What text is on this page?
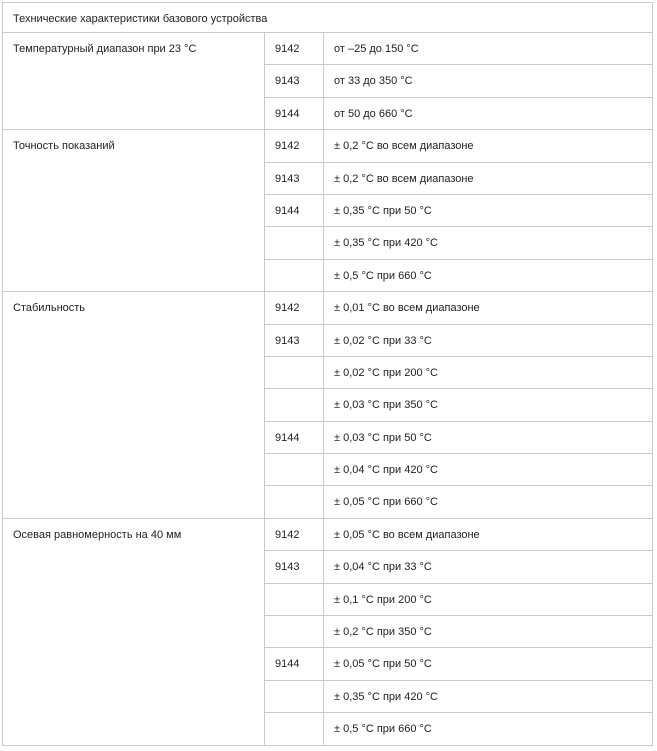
Технические характеристики базового устройства		
Температурный диапазон при 23 °C	9142	от –25 до 150 °C
	9143	от 33 до 350 °C
	9144	от 50 до 660 °C
Точность показаний	9142	± 0,2 °C во всем диапазоне
	9143	± 0,2 °C во всем диапазоне
	9144	± 0,35 °C при 50 °C
		± 0,35 °C при 420 °C
		± 0,5 °C при 660 °C
Стабильность	9142	± 0,01 °C во всем диапазоне
	9143	± 0,02 °C при 33 °C
		± 0,02 °C при 200 °C
		± 0,03 °C при 350 °C
	9144	± 0,03 °C при 50 °C
		± 0,04 °C при 420 °C
		± 0,05 °C при 660 °C
Осевая равномерность на 40 мм	9142	± 0,05 °C во всем диапазоне
	9143	± 0,04 °C при 33 °C
		± 0,1 °C при 200 °C
		± 0,2 °C при 350 °C
	9144	± 0,05 °C при 50 °C
		± 0,35 °C при 420 °C
		± 0,5 °C при 660 °C
